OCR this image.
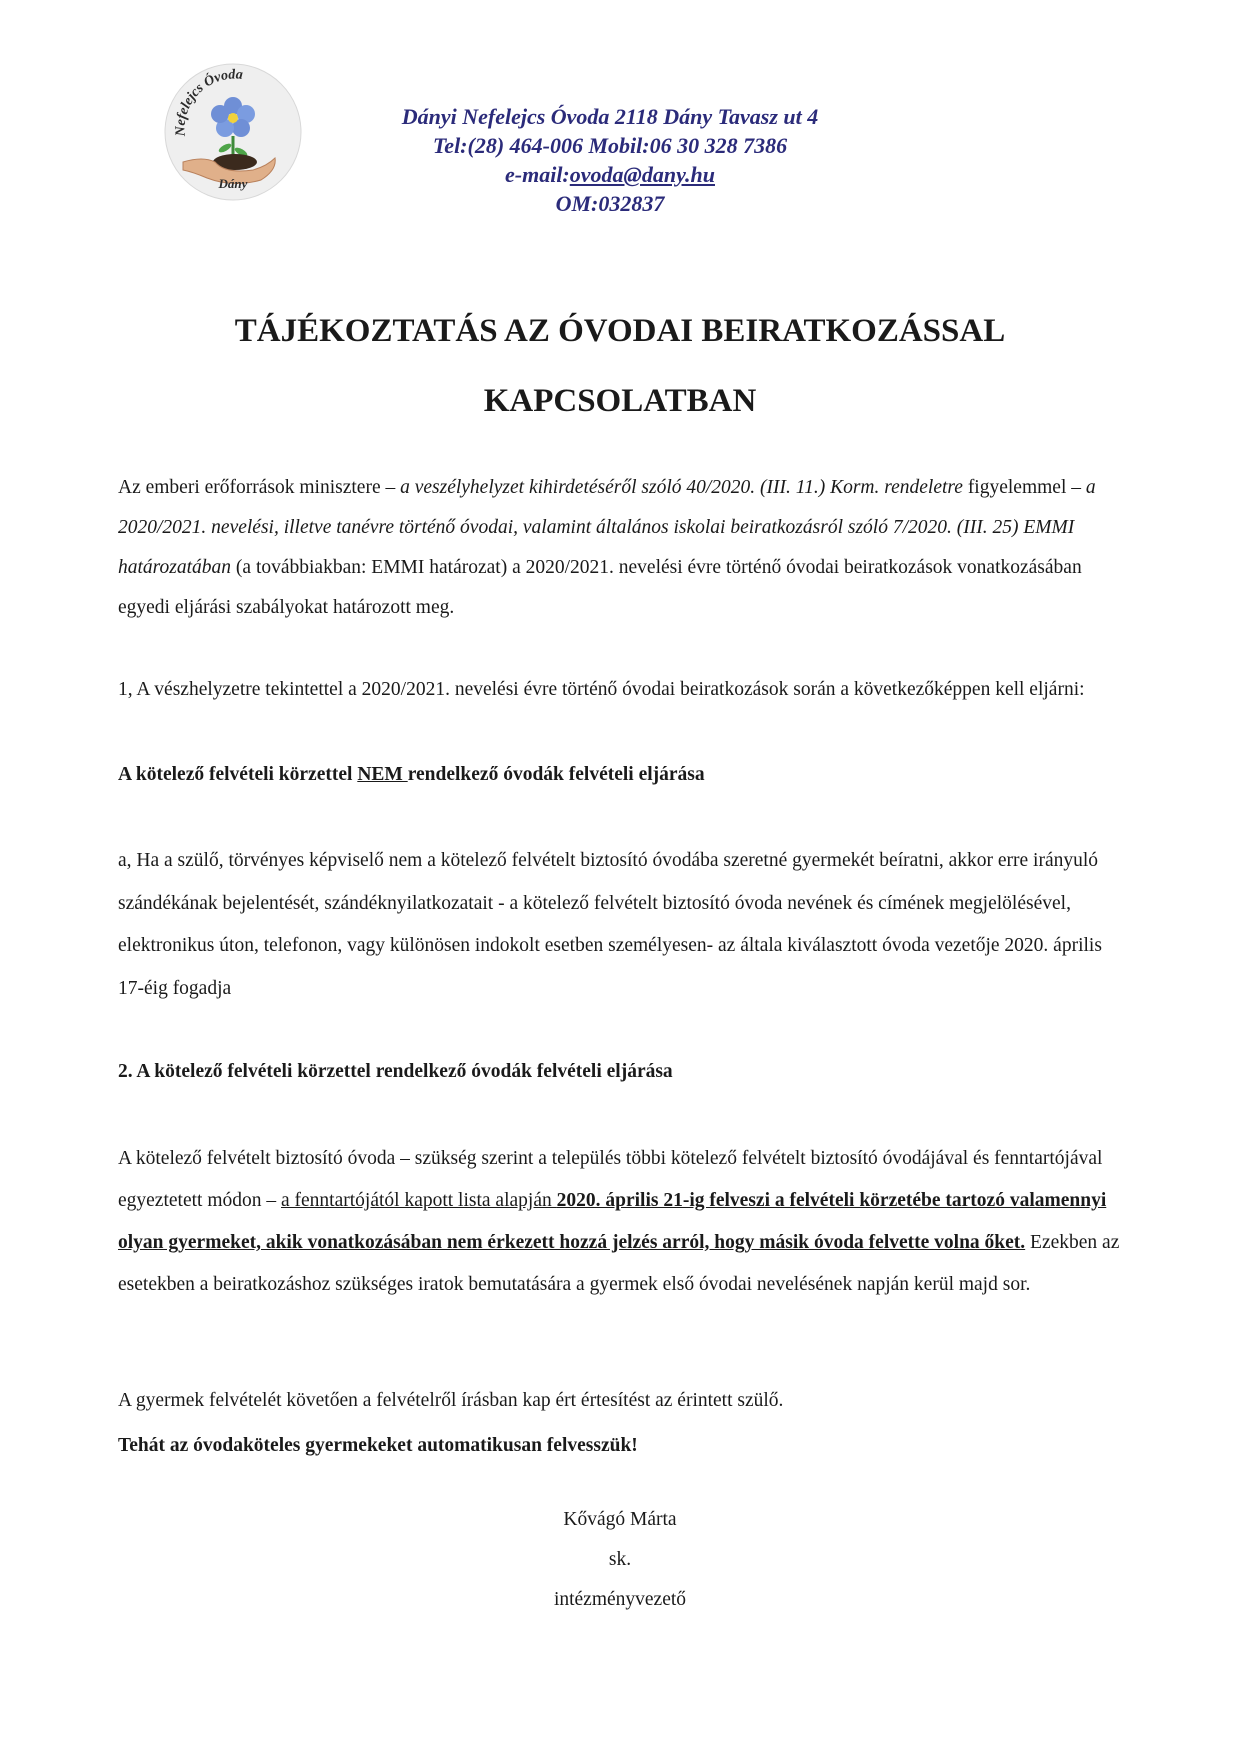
Nefelejcs Óvoda
Dány
Dányi Nefelejcs Óvoda 2118 Dány Tavasz ut 4
Tel:(28) 464-006 Mobil:06 30 328 7386
e-mail:ovoda@dany.hu
OM:032837
TÁJÉKOZTATÁS AZ ÓVODAI BEIRATKOZÁSSAL
KAPCSOLATBAN
Az emberi erőforrások minisztere – a veszélyhelyzet kihirdetéséről szóló 40/2020. (III. 11.) Korm. rendeletre figyelemmel – a 2020/2021. nevelési, illetve tanévre történő óvodai, valamint általános iskolai beiratkozásról szóló 7/2020. (III. 25) EMMI határozatában (a továbbiakban: EMMI határozat) a 2020/2021. nevelési évre történő óvodai beiratkozások vonatkozásában egyedi eljárási szabályokat határozott meg.
1, A vészhelyzetre tekintettel a 2020/2021. nevelési évre történő óvodai beiratkozások során a következőképpen kell eljárni:
A kötelező felvételi körzettel NEM rendelkező óvodák felvételi eljárása
a, Ha a szülő, törvényes képviselő nem a kötelező felvételt biztosító óvodába szeretné gyermekét beíratni, akkor erre irányuló szándékának bejelentését, szándéknyilatkozatait - a kötelező felvételt biztosító óvoda nevének és címének megjelölésével, elektronikus úton, telefonon, vagy különösen indokolt esetben személyesen- az általa kiválasztott óvoda vezetője 2020. április 17-éig fogadja
2. A kötelező felvételi körzettel rendelkező óvodák felvételi eljárása
A kötelező felvételt biztosító óvoda – szükség szerint a település többi kötelező felvételt biztosító óvodájával és fenntartójával egyeztetett módon – a fenntartójától kapott lista alapján 2020. április 21-ig felveszi a felvételi körzetébe tartozó valamennyi olyan gyermeket, akik vonatkozásában nem érkezett hozzá jelzés arról, hogy másik óvoda felvette volna őket. Ezekben az esetekben a beiratkozáshoz szükséges iratok bemutatására a gyermek első óvodai nevelésének napján kerül majd sor.
A gyermek felvételét követően a felvételről írásban kap ért értesítést az érintett szülő.
Tehát az óvodaköteles gyermekeket automatikusan felvesszük!
Kővágó Márta
sk.
intézményvezető
